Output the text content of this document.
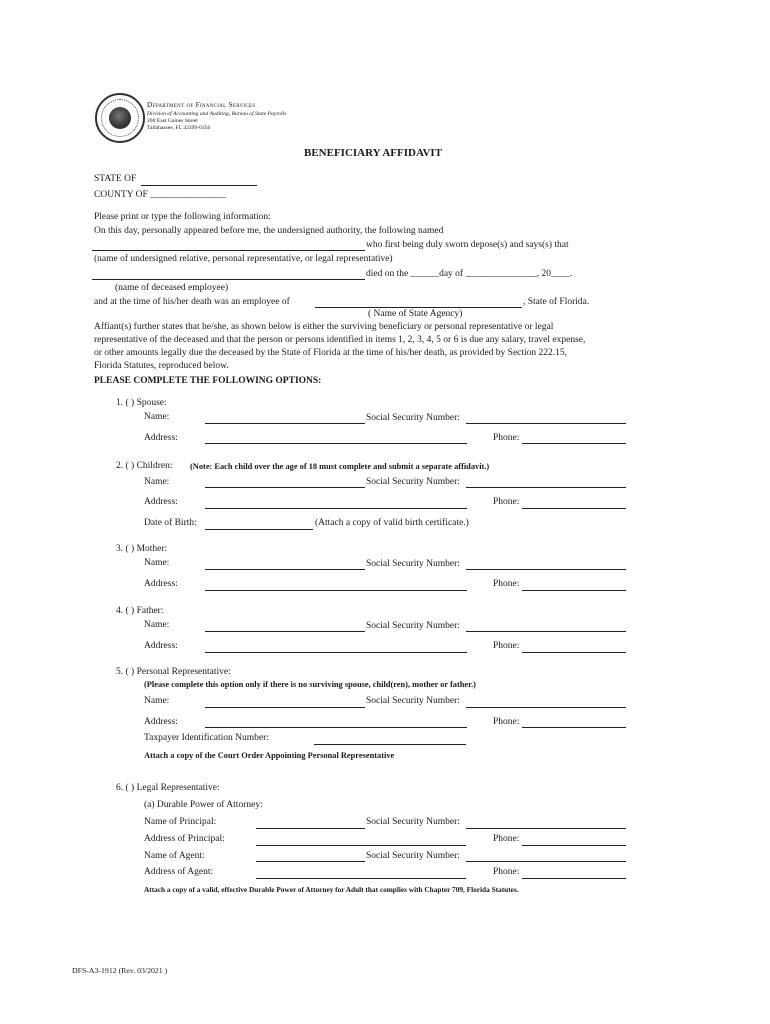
Department of Financial Services
Division of Accounting and Auditing, Bureau of State Payrolls
200 East Gaines Street
Tallahassee, FL 32399-0356
BENEFICIARY AFFIDAVIT
STATE OF
COUNTY OF ________________
Please print or type the following information:
On this day, personally appeared before me, the undersigned authority, the following named
who first being duly sworn depose(s) and says(s) that
(name of undersigned relative, personal representative, or legal representative)
died on the ______day of _______________, 20____.
(name of deceased employee)
and at the time of his/her death was an employee of	, State of Florida.
( Name of State Agency)
Affiant(s) further states that he/she, as shown below is either the surviving beneficiary or personal representative or legal
representative of the deceased and that the person or persons identified in items 1, 2, 3, 4, 5 or 6 is due any salary, travel expense,
or other amounts legally due the deceased by the State of Florida at the time of his/her death, as provided by Section 222.15,
Florida Statutes, reproduced below.
PLEASE COMPLETE THE FOLLOWING OPTIONS:
1. ( ) Spouse:
Name:	Social Security Number:
Address:	Phone:
2. ( ) Children: (Note: Each child over the age of 18 must complete and submit a separate affidavit.)
Name:	Social Security Number:
Address:	Phone:
Date of Birth:	(Attach a copy of valid birth certificate.)
3. ( ) Mother:
Name:	Social Security Number:
Address:	Phone:
4. ( ) Father:
Name:	Social Security Number:
Address:	Phone:
5. ( ) Personal Representative:
(Please complete this option only if there is no surviving spouse, child(ren), mother or father.)
Name:	Social Security Number:
Address:	Phone:
Taxpayer Identification Number:
Attach a copy of the Court Order Appointing Personal Representative
6. ( ) Legal Representative:
(a) Durable Power of Attorney:
Name of Principal:	Social Security Number:
Address of Principal:	Phone:
Name of Agent:	Social Security Number:
Address of Agent:	Phone:
Attach a copy of a valid, effective Durable Power of Attorney for Adult that complies with Chapter 709, Florida Statutes.
DFS-A3-1912 (Rev. 03/2021 )
